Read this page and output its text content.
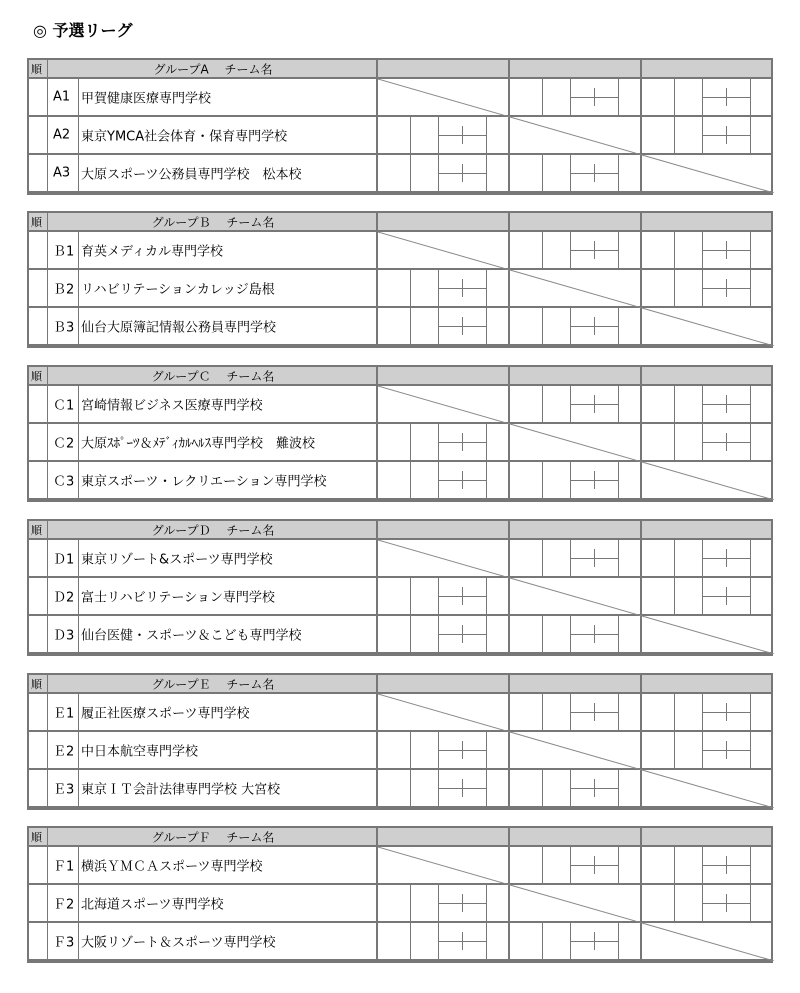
◎ 予選リーグ
順	グループA　 チーム名
A1 甲賀健康医療専門学校
A2 東京YMCA社会体育・保育専門学校
A3 大原スポーツ公務員専門学校　松本校
順	グループＢ　 チーム名
Ｂ1 育英メディカル専門学校
Ｂ2 リハビリテーションカレッジ島根
Ｂ3 仙台大原簿記情報公務員専門学校
順	グループＣ　 チーム名
Ｃ1 宮崎情報ビジネス医療専門学校
Ｃ2 大原ｽﾎﾟｰﾂ＆ﾒﾃﾞｨｶﾙﾍﾙｽ専門学校　難波校
Ｃ3 東京スポーツ・レクリエーション専門学校
順	グループＤ　 チーム名
Ｄ1 東京リゾート&スポーツ専門学校
Ｄ2 富士リハビリテーション専門学校
Ｄ3 仙台医健・スポーツ＆こども専門学校
順	グループＥ　 チーム名
Ｅ1 履正社医療スポーツ専門学校
Ｅ2 中日本航空専門学校
Ｅ3 東京ＩＴ会計法律専門学校 大宮校
順	グループＦ　 チーム名
Ｆ1 横浜ＹＭＣＡスポーツ専門学校
Ｆ2 北海道スポーツ専門学校
Ｆ3 大阪リゾート＆スポーツ専門学校
